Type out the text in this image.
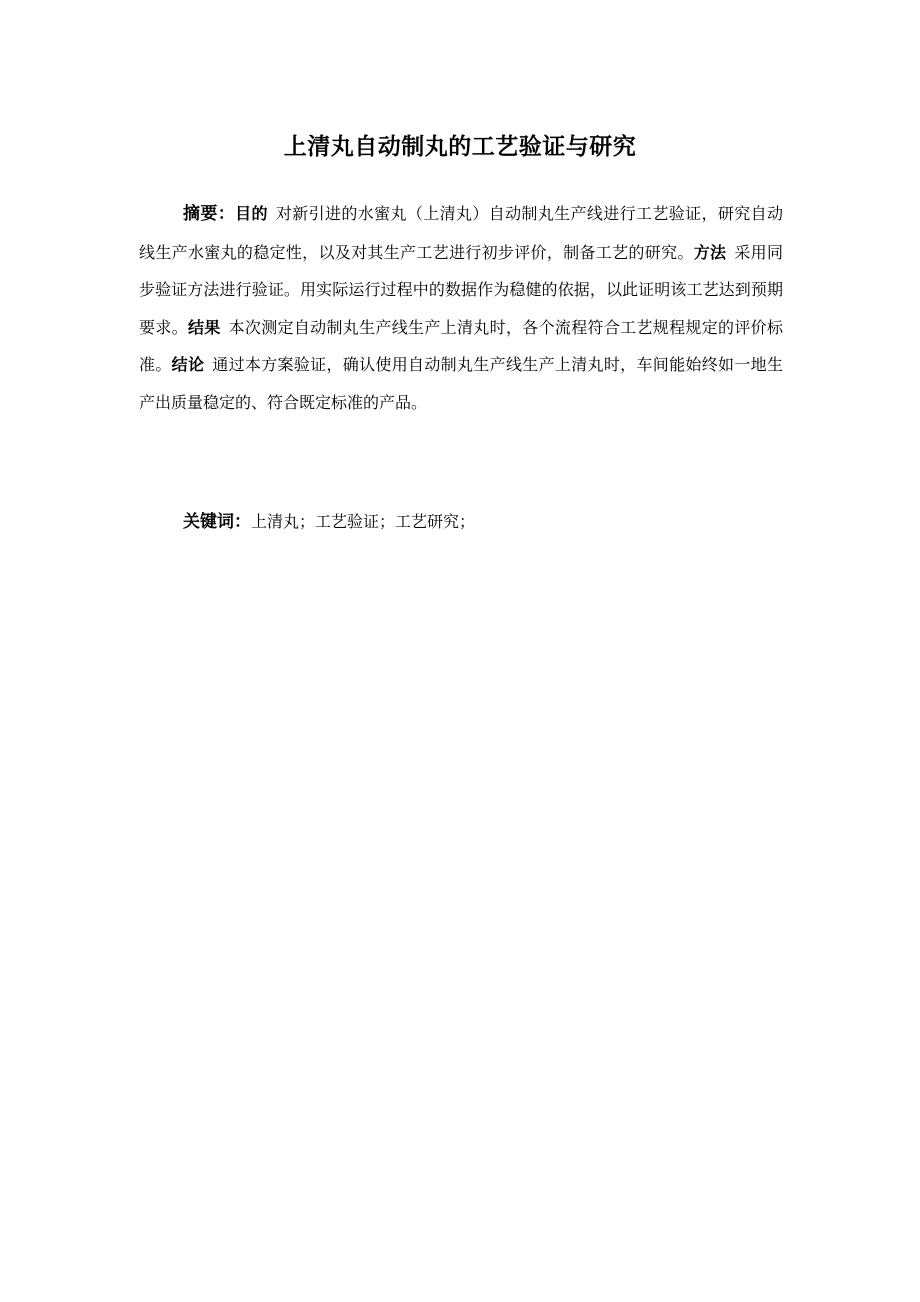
上清丸自动制丸的工艺验证与研究

摘要：目的 对新引进的水蜜丸（上清丸）自动制丸生产线进行工艺验证，研究自动线生产水蜜丸的稳定性，以及对其生产工艺进行初步评价，制备工艺的研究。方法 采用同步验证方法进行验证。用实际运行过程中的数据作为稳健的依据，以此证明该工艺达到预期要求。结果 本次测定自动制丸生产线生产上清丸时，各个流程符合工艺规程规定的评价标准。结论 通过本方案验证，确认使用自动制丸生产线生产上清丸时，车间能始终如一地生产出质量稳定的、符合既定标准的产品。

关键词：上清丸；工艺验证；工艺研究；
